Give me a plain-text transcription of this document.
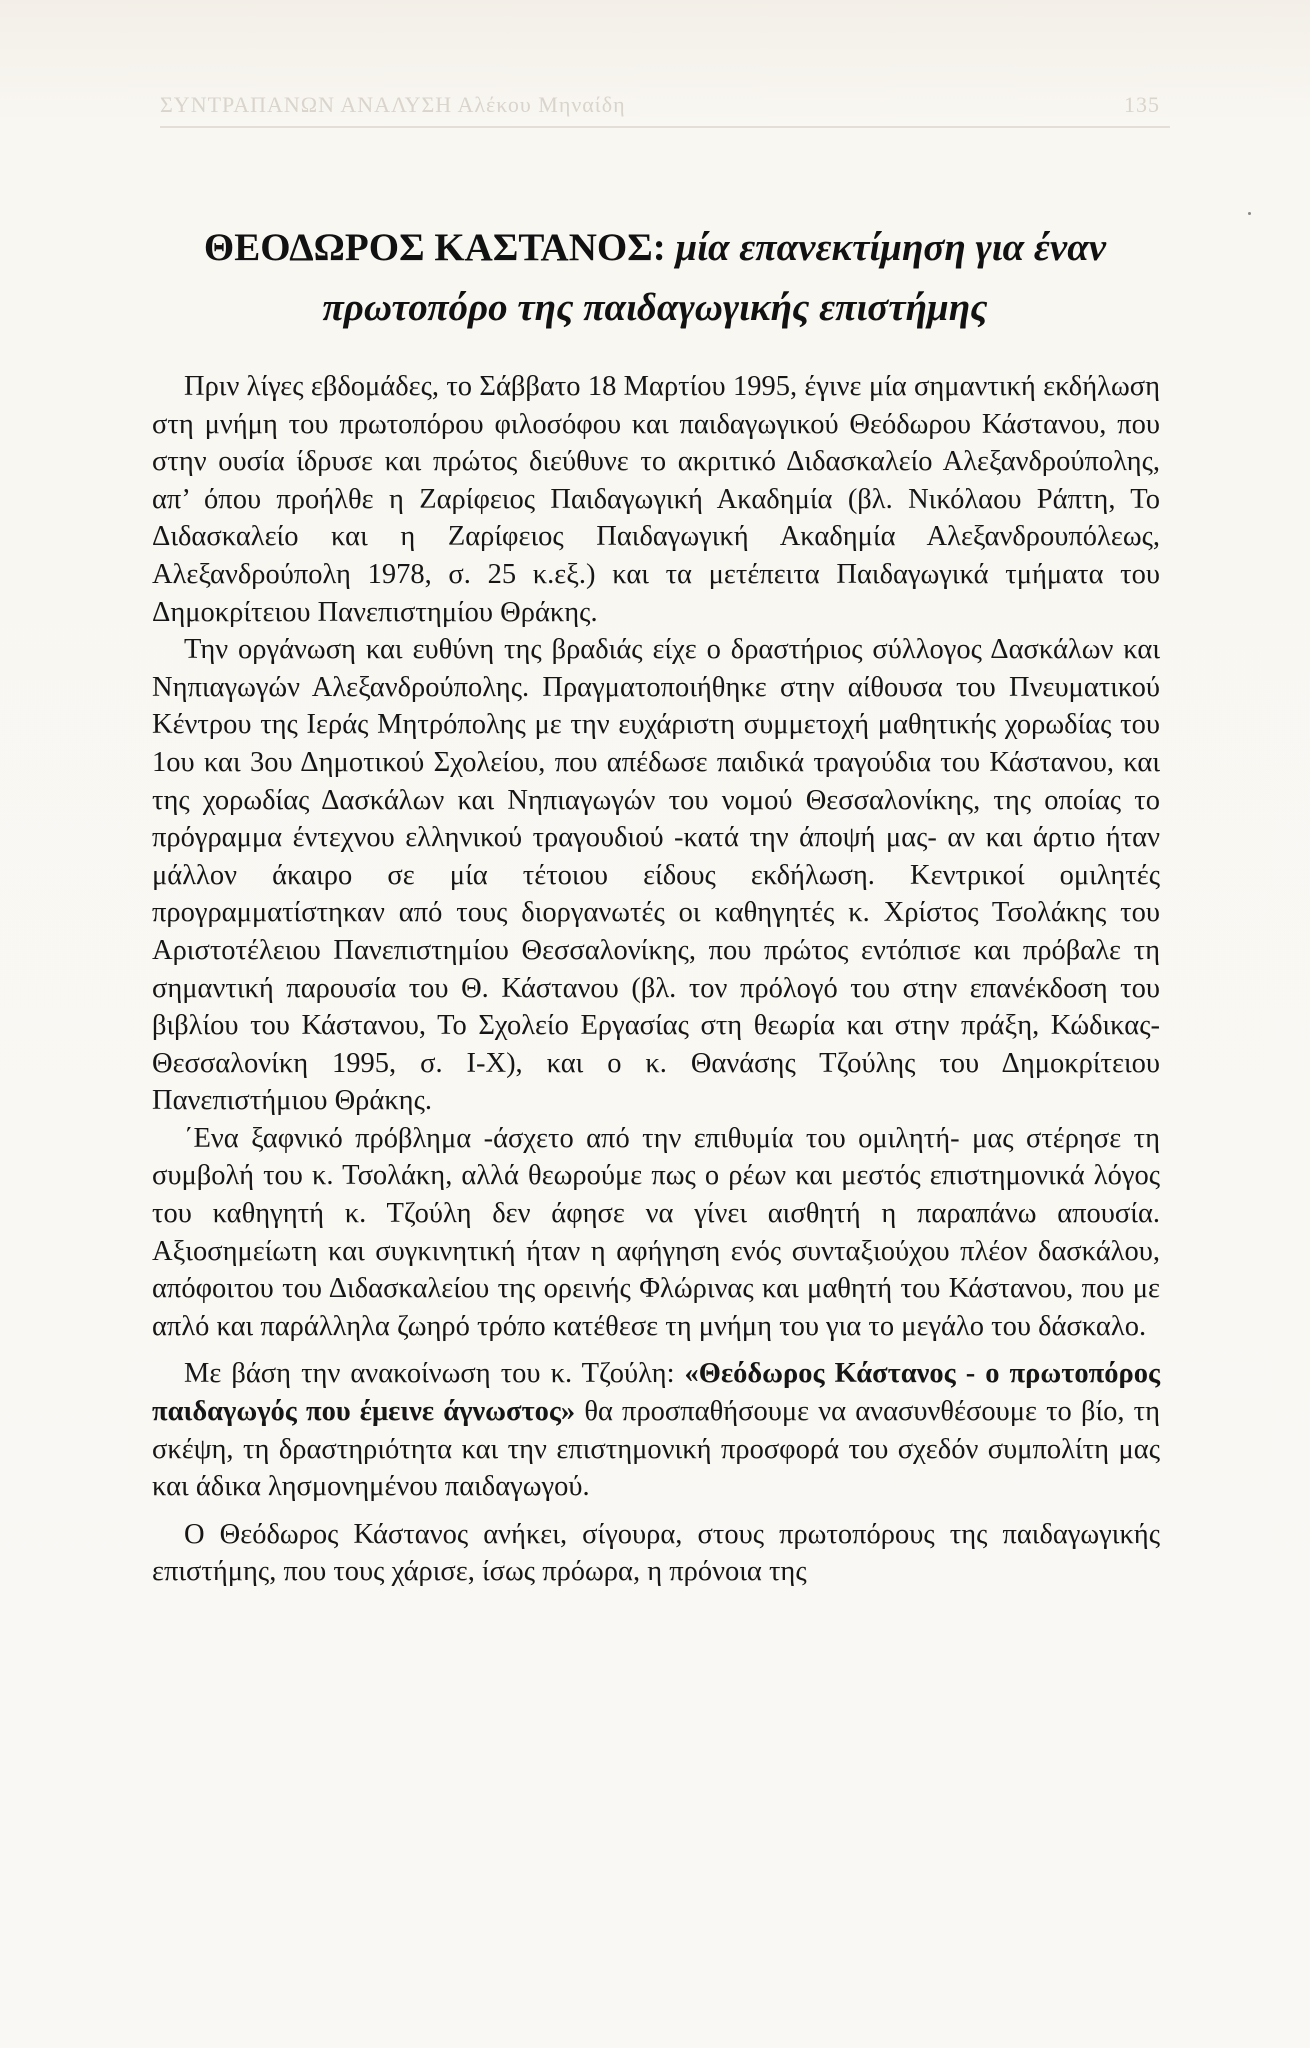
ΣΥΝΤΡΑΠΑΝΩΝ ΑΝΑΛΥΣΗ Αλέκου Μηναίδη	135
ΘΕΟΔΩΡΟΣ ΚΑΣΤΑΝΟΣ: μία επανεκτίμηση για έναν πρωτοπόρο της παιδαγωγικής επιστήμης

Πριν λίγες εβδομάδες, το Σάββατο 18 Μαρτίου 1995, έγινε μία σημαντική εκδήλωση στη μνήμη του πρωτοπόρου φιλοσόφου και παιδαγωγικού Θεόδωρου Κάστανου, που στην ουσία ίδρυσε και πρώτος διεύθυνε το ακριτικό Διδασκαλείο Αλεξανδρούπολης, απ’ όπου προήλθε η Ζαρίφειος Παιδαγωγική Ακαδημία (βλ. Νικόλαου Ράπτη, Το Διδασκαλείο και η Ζαρίφειος Παιδαγωγική Ακαδημία Αλεξανδρουπόλεως, Αλεξανδρούπολη 1978, σ. 25 κ.εξ.) και τα μετέπειτα Παιδαγωγικά τμήματα του Δημοκρίτειου Πανεπιστημίου Θράκης.

Την οργάνωση και ευθύνη της βραδιάς είχε ο δραστήριος σύλλογος Δασκάλων και Νηπιαγωγών Αλεξανδρούπολης. Πραγματοποιήθηκε στην αίθουσα του Πνευματικού Κέντρου της Ιεράς Μητρόπολης με την ευχάριστη συμμετοχή μαθητικής χορωδίας του 1ου και 3ου Δημοτικού Σχολείου, που απέδωσε παιδικά τραγούδια του Κάστανου, και της χορωδίας Δασκάλων και Νηπιαγωγών του νομού Θεσσαλονίκης, της οποίας το πρόγραμμα έντεχνου ελληνικού τραγουδιού -κατά την άποψή μας- αν και άρτιο ήταν μάλλον άκαιρο σε μία τέτοιου είδους εκδήλωση. Κεντρικοί ομιλητές προγραμματίστηκαν από τους διοργανωτές οι καθηγητές κ. Χρίστος Τσολάκης του Αριστοτέλειου Πανεπιστημίου Θεσσαλονίκης, που πρώτος εντόπισε και πρόβαλε τη σημαντική παρουσία του Θ. Κάστανου (βλ. τον πρόλογό του στην επανέκδοση του βιβλίου του Κάστανου, Το Σχολείο Εργασίας στη θεωρία και στην πράξη, Κώδικας-Θεσσαλονίκη 1995, σ. Ι-Χ), και ο κ. Θανάσης Τζούλης του Δημοκρίτειου Πανεπιστήμιου Θράκης.

΄Ενα ξαφνικό πρόβλημα -άσχετο από την επιθυμία του ομιλητή- μας στέρησε τη συμβολή του κ. Τσολάκη, αλλά θεωρούμε πως ο ρέων και μεστός επιστημονικά λόγος του καθηγητή κ. Τζούλη δεν άφησε να γίνει αισθητή η παραπάνω απουσία. Αξιοσημείωτη και συγκινητική ήταν η αφήγηση ενός συνταξιούχου πλέον δασκάλου, απόφοιτου του Διδασκαλείου της ορεινής Φλώρινας και μαθητή του Κάστανου, που με απλό και παράλληλα ζωηρό τρόπο κατέθεσε τη μνήμη του για το μεγάλο του δάσκαλο.

Με βάση την ανακοίνωση του κ. Τζούλη: «Θεόδωρος Κάστανος - ο πρωτοπόρος παιδαγωγός που έμεινε άγνωστος» θα προσπαθήσουμε να ανασυνθέσουμε το βίο, τη σκέψη, τη δραστηριότητα και την επιστημονική προσφορά του σχεδόν συμπολίτη μας και άδικα λησμονημένου παιδαγωγού.

Ο Θεόδωρος Κάστανος ανήκει, σίγουρα, στους πρωτοπόρους της παιδαγωγικής επιστήμης, που τους χάρισε, ίσως πρόωρα, η πρόνοια της
